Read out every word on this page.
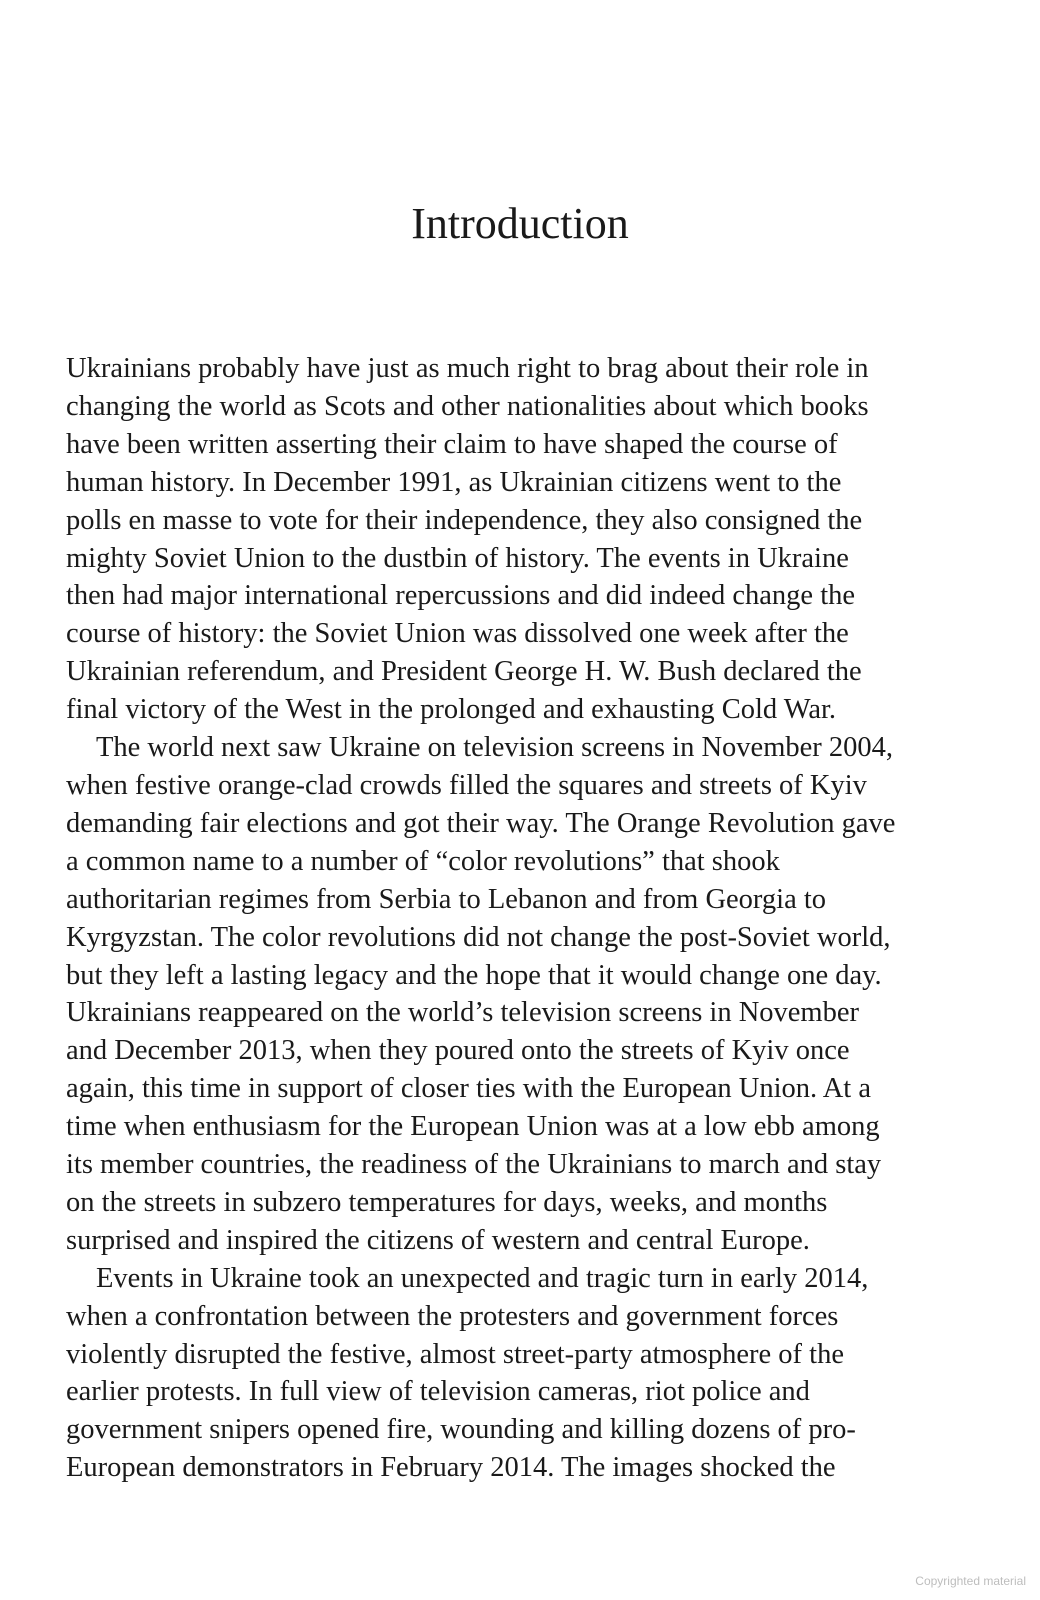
Introduction
Ukrainians probably have just as much right to brag about their role in
changing the world as Scots and other nationalities about which books
have been written asserting their claim to have shaped the course of
human history. In December 1991, as Ukrainian citizens went to the
polls en masse to vote for their independence, they also consigned the
mighty Soviet Union to the dustbin of history. The events in Ukraine
then had major international repercussions and did indeed change the
course of history: the Soviet Union was dissolved one week after the
Ukrainian referendum, and President George H. W. Bush declared the
final victory of the West in the prolonged and exhausting Cold War.
The world next saw Ukraine on television screens in November 2004,
when festive orange-clad crowds filled the squares and streets of Kyiv
demanding fair elections and got their way. The Orange Revolution gave
a common name to a number of “color revolutions” that shook
authoritarian regimes from Serbia to Lebanon and from Georgia to
Kyrgyzstan. The color revolutions did not change the post-Soviet world,
but they left a lasting legacy and the hope that it would change one day.
Ukrainians reappeared on the world’s television screens in November
and December 2013, when they poured onto the streets of Kyiv once
again, this time in support of closer ties with the European Union. At a
time when enthusiasm for the European Union was at a low ebb among
its member countries, the readiness of the Ukrainians to march and stay
on the streets in subzero temperatures for days, weeks, and months
surprised and inspired the citizens of western and central Europe.
Events in Ukraine took an unexpected and tragic turn in early 2014,
when a confrontation between the protesters and government forces
violently disrupted the festive, almost street-party atmosphere of the
earlier protests. In full view of television cameras, riot police and
government snipers opened fire, wounding and killing dozens of pro-
European demonstrators in February 2014. The images shocked the
Copyrighted material
